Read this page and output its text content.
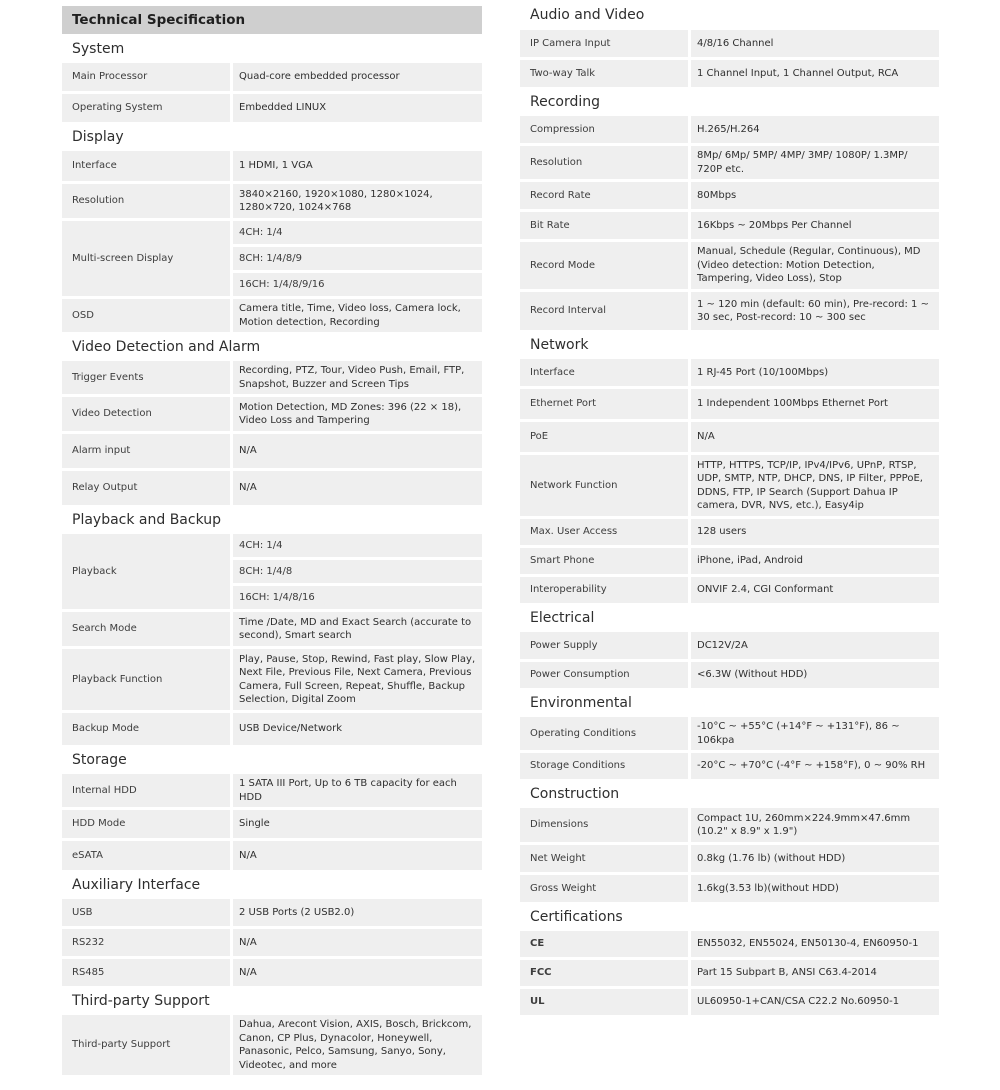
Technical Specification
System
Main Processor	Quad-core embedded processor
Operating System	Embedded LINUX
Display
Interface	1 HDMI, 1 VGA
Resolution	3840×2160, 1920×1080, 1280×1024, 1280×720, 1024×768
Multi-screen Display	4CH: 1/4
8CH: 1/4/8/9
16CH: 1/4/8/9/16

OSD	Camera title, Time, Video loss, Camera lock, Motion detection, Recording
Video Detection and Alarm
Trigger Events	Recording, PTZ, Tour, Video Push, Email, FTP, Snapshot, Buzzer and Screen Tips
Video Detection	Motion Detection, MD Zones: 396 (22 × 18), Video Loss and Tampering
Alarm input	N/A
Relay Output	N/A
Playback and Backup
Playback	4CH: 1/4
8CH: 1/4/8
16CH: 1/4/8/16

Search Mode	Time /Date, MD and Exact Search (accurate to second), Smart search
Playback Function	Play, Pause, Stop, Rewind, Fast play, Slow Play, Next File, Previous File, Next Camera, Previous Camera, Full Screen, Repeat, Shuffle, Backup Selection, Digital Zoom
Backup Mode	USB Device/Network
Storage
Internal HDD	1 SATA III Port, Up to 6 TB capacity for each HDD
HDD Mode	Single
eSATA	N/A
Auxiliary Interface
USB	2 USB Ports (2 USB2.0)
RS232	N/A
RS485	N/A
Third-party Support
Third-party Support	Dahua, Arecont Vision, AXIS, Bosch, Brickcom, Canon, CP Plus, Dynacolor, Honeywell, Panasonic, Pelco, Samsung, Sanyo, Sony, Videotec, and more
Audio and Video
IP Camera Input	4/8/16 Channel
Two-way Talk	1 Channel Input, 1 Channel Output, RCA
Recording
Compression	H.265/H.264
Resolution	8Mp/ 6Mp/ 5MP/ 4MP/ 3MP/ 1080P/ 1.3MP/ 720P etc.
Record Rate	80Mbps
Bit Rate	16Kbps ~ 20Mbps Per Channel
Record Mode	Manual, Schedule (Regular, Continuous), MD (Video detection: Motion Detection, Tampering, Video Loss), Stop
Record Interval	1 ~ 120 min (default: 60 min), Pre-record: 1 ~ 30 sec, Post-record: 10 ~ 300 sec
Network
Interface	1 RJ-45 Port (10/100Mbps)
Ethernet Port	1 Independent 100Mbps Ethernet Port
PoE	N/A
Network Function	HTTP, HTTPS, TCP/IP, IPv4/IPv6, UPnP, RTSP, UDP, SMTP, NTP, DHCP, DNS, IP Filter, PPPoE, DDNS, FTP, IP Search (Support Dahua IP camera, DVR, NVS, etc.), Easy4ip
Max. User Access	128 users
Smart Phone	iPhone, iPad, Android
Interoperability	ONVIF 2.4, CGI Conformant
Electrical
Power Supply	DC12V/2A
Power Consumption	<6.3W (Without HDD)
Environmental
Operating Conditions	-10°C ~ +55°C (+14°F ~ +131°F), 86 ~ 106kpa
Storage Conditions	-20°C ~ +70°C (-4°F ~ +158°F), 0 ~ 90% RH
Construction
Dimensions	Compact 1U, 260mm×224.9mm×47.6mm (10.2" x 8.9" x 1.9")
Net Weight	0.8kg (1.76 lb) (without HDD)
Gross Weight	1.6kg(3.53 lb)(without HDD)
Certifications
CE	EN55032, EN55024, EN50130-4, EN60950-1
FCC	Part 15 Subpart B, ANSI C63.4-2014
UL	UL60950-1+CAN/CSA C22.2 No.60950-1
